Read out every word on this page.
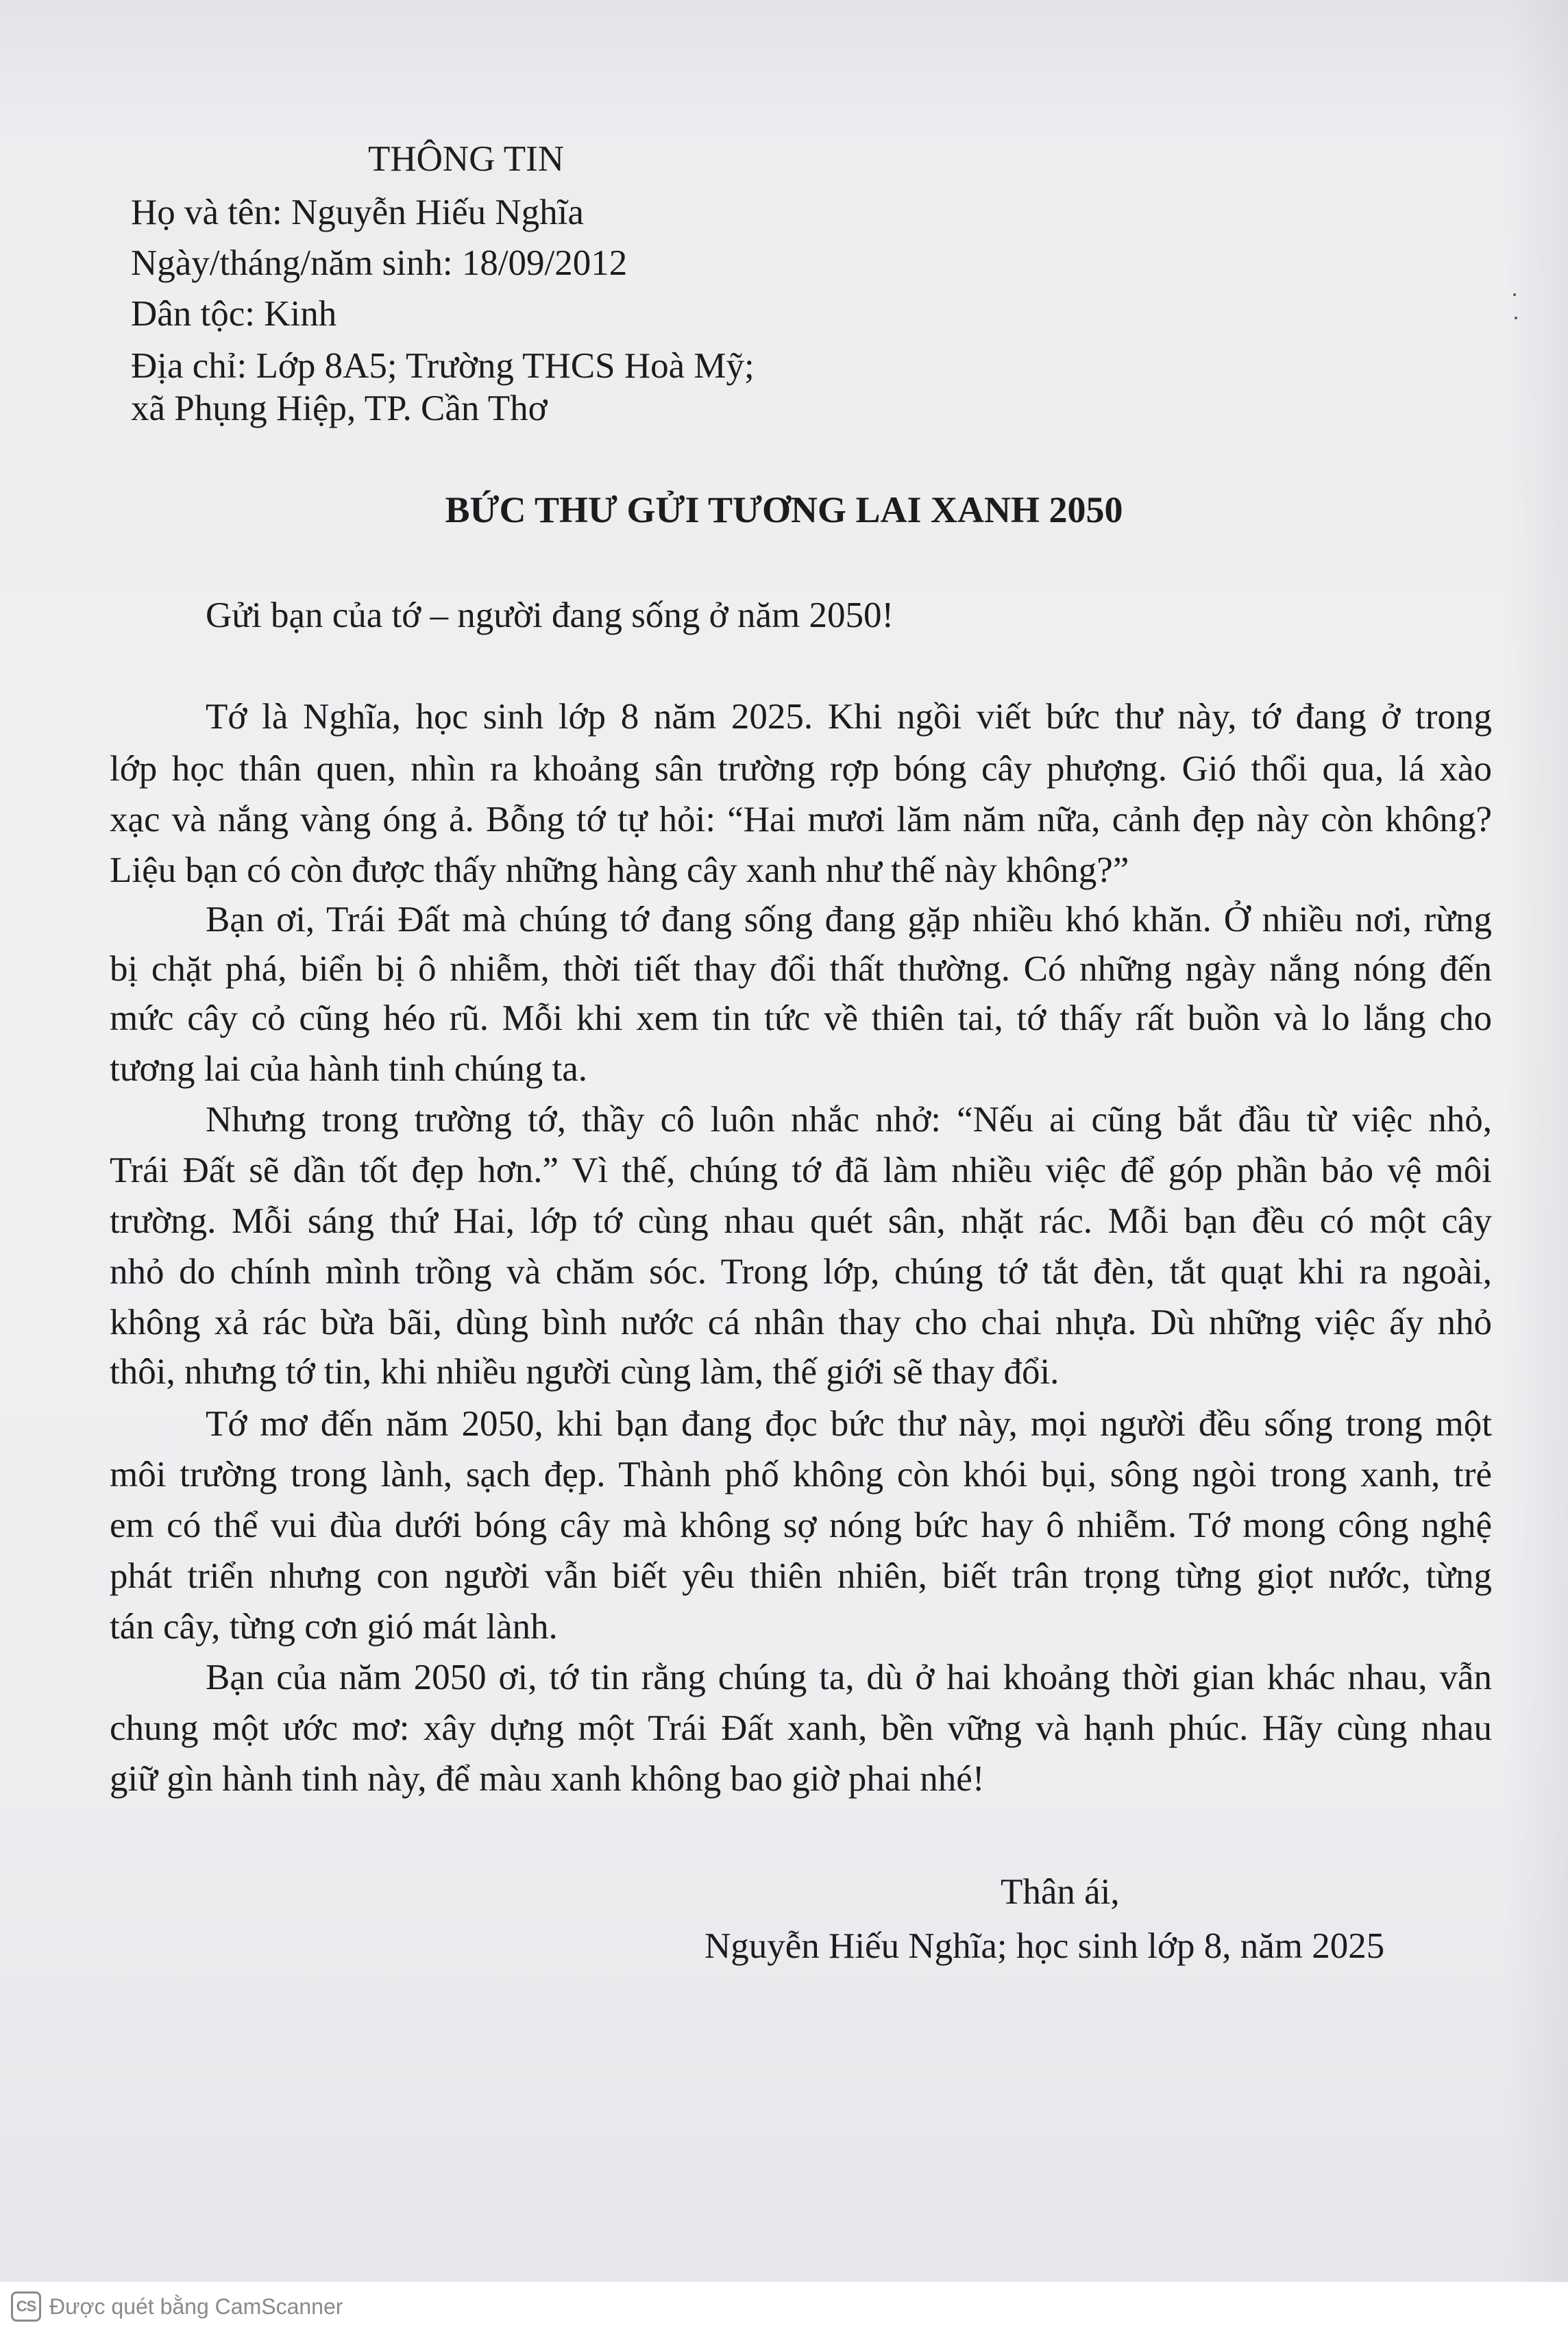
THÔNG TIN

Họ và tên: Nguyễn Hiếu Nghĩa

Ngày/tháng/năm sinh: 18/09/2012

Dân tộc: Kinh

Địa chỉ: Lớp 8A5; Trường THCS Hoà Mỹ;

xã Phụng Hiệp, TP. Cần Thơ

BỨC THƯ GỬI TƯƠNG LAI XANH 2050

Gửi bạn của tớ – người đang sống ở năm 2050!

Tớ là Nghĩa, học sinh lớp 8 năm 2025. Khi ngồi viết bức thư này, tớ đang ở trong

lớp học thân quen, nhìn ra khoảng sân trường rợp bóng cây phượng. Gió thổi qua, lá xào

xạc và nắng vàng óng ả. Bỗng tớ tự hỏi: “Hai mươi lăm năm nữa, cảnh đẹp này còn không?

Liệu bạn có còn được thấy những hàng cây xanh như thế này không?”

Bạn ơi, Trái Đất mà chúng tớ đang sống đang gặp nhiều khó khăn. Ở nhiều nơi, rừng

bị chặt phá, biển bị ô nhiễm, thời tiết thay đổi thất thường. Có những ngày nắng nóng đến

mức cây cỏ cũng héo rũ. Mỗi khi xem tin tức về thiên tai, tớ thấy rất buồn và lo lắng cho

tương lai của hành tinh chúng ta.

Nhưng trong trường tớ, thầy cô luôn nhắc nhở: “Nếu ai cũng bắt đầu từ việc nhỏ,

Trái Đất sẽ dần tốt đẹp hơn.” Vì thế, chúng tớ đã làm nhiều việc để góp phần bảo vệ môi

trường. Mỗi sáng thứ Hai, lớp tớ cùng nhau quét sân, nhặt rác. Mỗi bạn đều có một cây

nhỏ do chính mình trồng và chăm sóc. Trong lớp, chúng tớ tắt đèn, tắt quạt khi ra ngoài,

không xả rác bừa bãi, dùng bình nước cá nhân thay cho chai nhựa. Dù những việc ấy nhỏ

thôi, nhưng tớ tin, khi nhiều người cùng làm, thế giới sẽ thay đổi.

Tớ mơ đến năm 2050, khi bạn đang đọc bức thư này, mọi người đều sống trong một

môi trường trong lành, sạch đẹp. Thành phố không còn khói bụi, sông ngòi trong xanh, trẻ

em có thể vui đùa dưới bóng cây mà không sợ nóng bức hay ô nhiễm. Tớ mong công nghệ

phát triển nhưng con người vẫn biết yêu thiên nhiên, biết trân trọng từng giọt nước, từng

tán cây, từng cơn gió mát lành.

Bạn của năm 2050 ơi, tớ tin rằng chúng ta, dù ở hai khoảng thời gian khác nhau, vẫn

chung một ước mơ: xây dựng một Trái Đất xanh, bền vững và hạnh phúc. Hãy cùng nhau

giữ gìn hành tinh này, để màu xanh không bao giờ phai nhé!

Thân ái,

Nguyễn Hiếu Nghĩa; học sinh lớp 8, năm 2025

CS Được quét bằng CamScanner
